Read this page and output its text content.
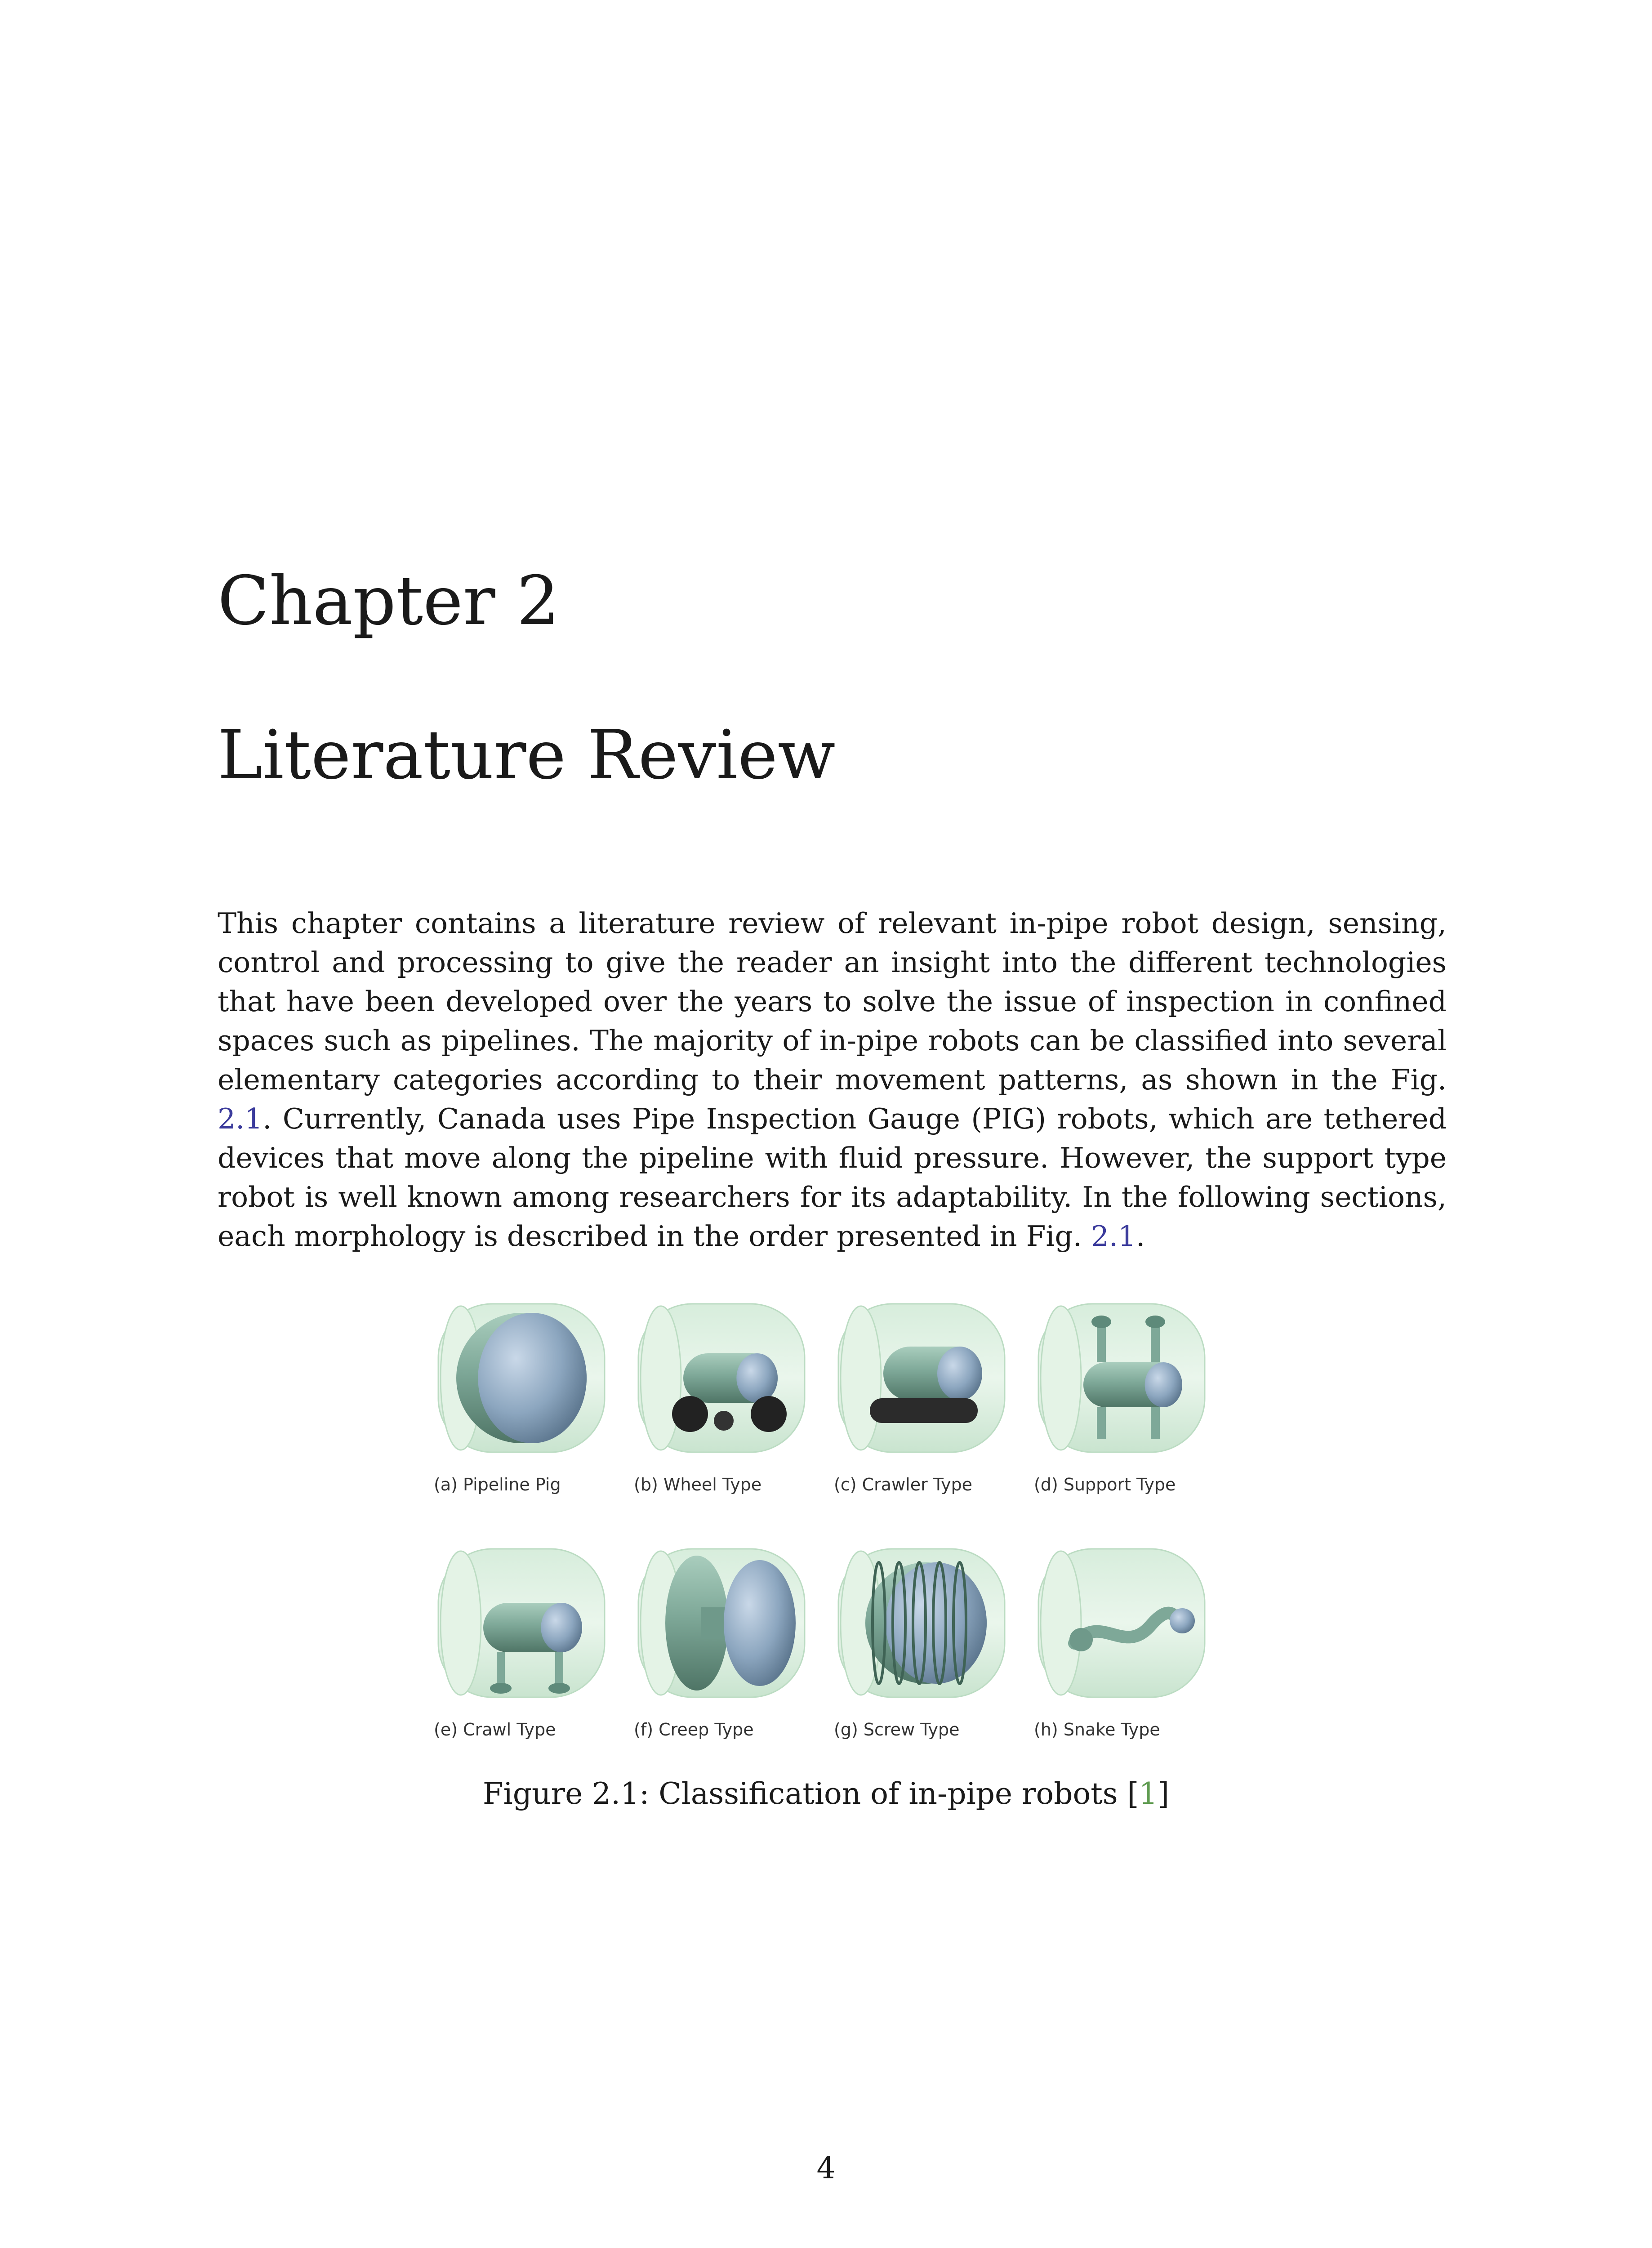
Chapter 2
Literature Review

This chapter contains a literature review of relevant in-pipe robot design, sensing, control and processing to give the reader an insight into the different technologies that have been developed over the years to solve the issue of inspection in confined spaces such as pipelines. The majority of in-pipe robots can be classified into several elementary categories according to their movement patterns, as shown in the Fig. 2.1. Currently, Canada uses Pipe Inspection Gauge (PIG) robots, which are tethered devices that move along the pipeline with fluid pressure. However, the support type robot is well known among researchers for its adaptability. In the following sections, each morphology is described in the order presented in Fig. 2.1.

(a) Pipeline Pig	(b) Wheel Type	(c) Crawler Type	(d) Support Type
(e) Crawl Type	(f) Creep Type	(g) Screw Type	(h) Snake Type
Figure 2.1: Classification of in-pipe robots [1]
4
